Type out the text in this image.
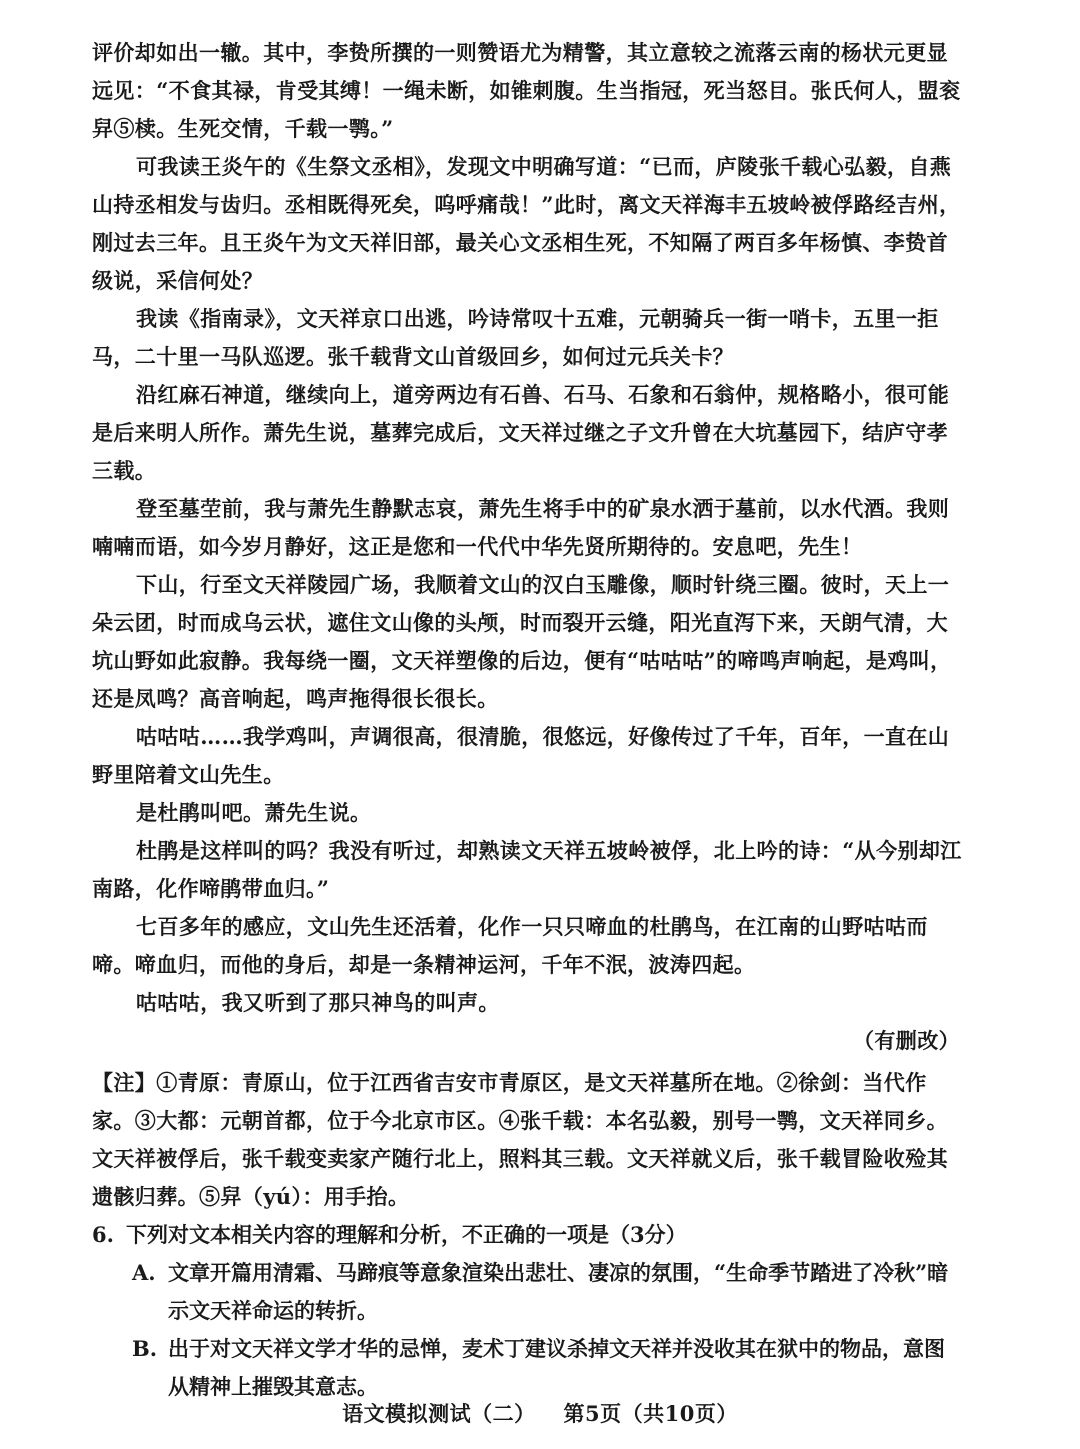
评价却如出一辙。其中，李贽所撰的一则赞语尤为精警，其立意较之流落云南的杨状元更显远见：“不食其禄，肯受其缚！一绳未断，如锥刺腹。生当指冠，死当怒目。张氏何人，盟衮舁⑤椟。生死交情，千载一鹗。”

可我读王炎午的《生祭文丞相》，发现文中明确写道：“已而，庐陵张千载心弘毅，自燕山持丞相发与齿归。丞相既得死矣，呜呼痛哉！”此时，离文天祥海丰五坡岭被俘路经吉州，刚过去三年。且王炎午为文天祥旧部，最关心文丞相生死，不知隔了两百多年杨慎、李贽首级说，采信何处？

我读《指南录》，文天祥京口出逃，吟诗常叹十五难，元朝骑兵一街一哨卡，五里一拒马，二十里一马队巡逻。张千载背文山首级回乡，如何过元兵关卡？

沿红麻石神道，继续向上，道旁两边有石兽、石马、石象和石翁仲，规格略小，很可能是后来明人所作。萧先生说，墓葬完成后，文天祥过继之子文升曾在大坑墓园下，结庐守孝三载。

登至墓茔前，我与萧先生静默志哀，萧先生将手中的矿泉水洒于墓前，以水代酒。我则喃喃而语，如今岁月静好，这正是您和一代代中华先贤所期待的。安息吧，先生！

下山，行至文天祥陵园广场，我顺着文山的汉白玉雕像，顺时针绕三圈。彼时，天上一朵云团，时而成乌云状，遮住文山像的头颅，时而裂开云缝，阳光直泻下来，天朗气清，大坑山野如此寂静。我每绕一圈，文天祥塑像的后边，便有“咕咕咕”的啼鸣声响起，是鸡叫，还是凤鸣？高音响起，鸣声拖得很长很长。

咕咕咕……我学鸡叫，声调很高，很清脆，很悠远，好像传过了千年，百年，一直在山野里陪着文山先生。

是杜鹃叫吧。萧先生说。

杜鹃是这样叫的吗？我没有听过，却熟读文天祥五坡岭被俘，北上吟的诗：“从今别却江南路，化作啼鹃带血归。”

七百多年的感应，文山先生还活着，化作一只只啼血的杜鹃鸟，在江南的山野咕咕而啼。啼血归，而他的身后，却是一条精神运河，千年不泯，波涛四起。

咕咕咕，我又听到了那只神鸟的叫声。

（有删改）

【注】①青原：青原山，位于江西省吉安市青原区，是文天祥墓所在地。②徐剑：当代作家。③大都：元朝首都，位于今北京市区。④张千载：本名弘毅，别号一鹗，文天祥同乡。文天祥被俘后，张千载变卖家产随行北上，照料其三载。文天祥就义后，张千载冒险收殓其遗骸归葬。⑤舁（yú）：用手抬。

6. 下列对文本相关内容的理解和分析，不正确的一项是（3分）

A. 文章开篇用清霜、马蹄痕等意象渲染出悲壮、凄凉的氛围，“生命季节踏进了冷秋”暗示文天祥命运的转折。
B. 出于对文天祥文学才华的忌惮，麦术丁建议杀掉文天祥并没收其在狱中的物品，意图从精神上摧毁其意志。
语文模拟测试（二） 第5页（共10页）
